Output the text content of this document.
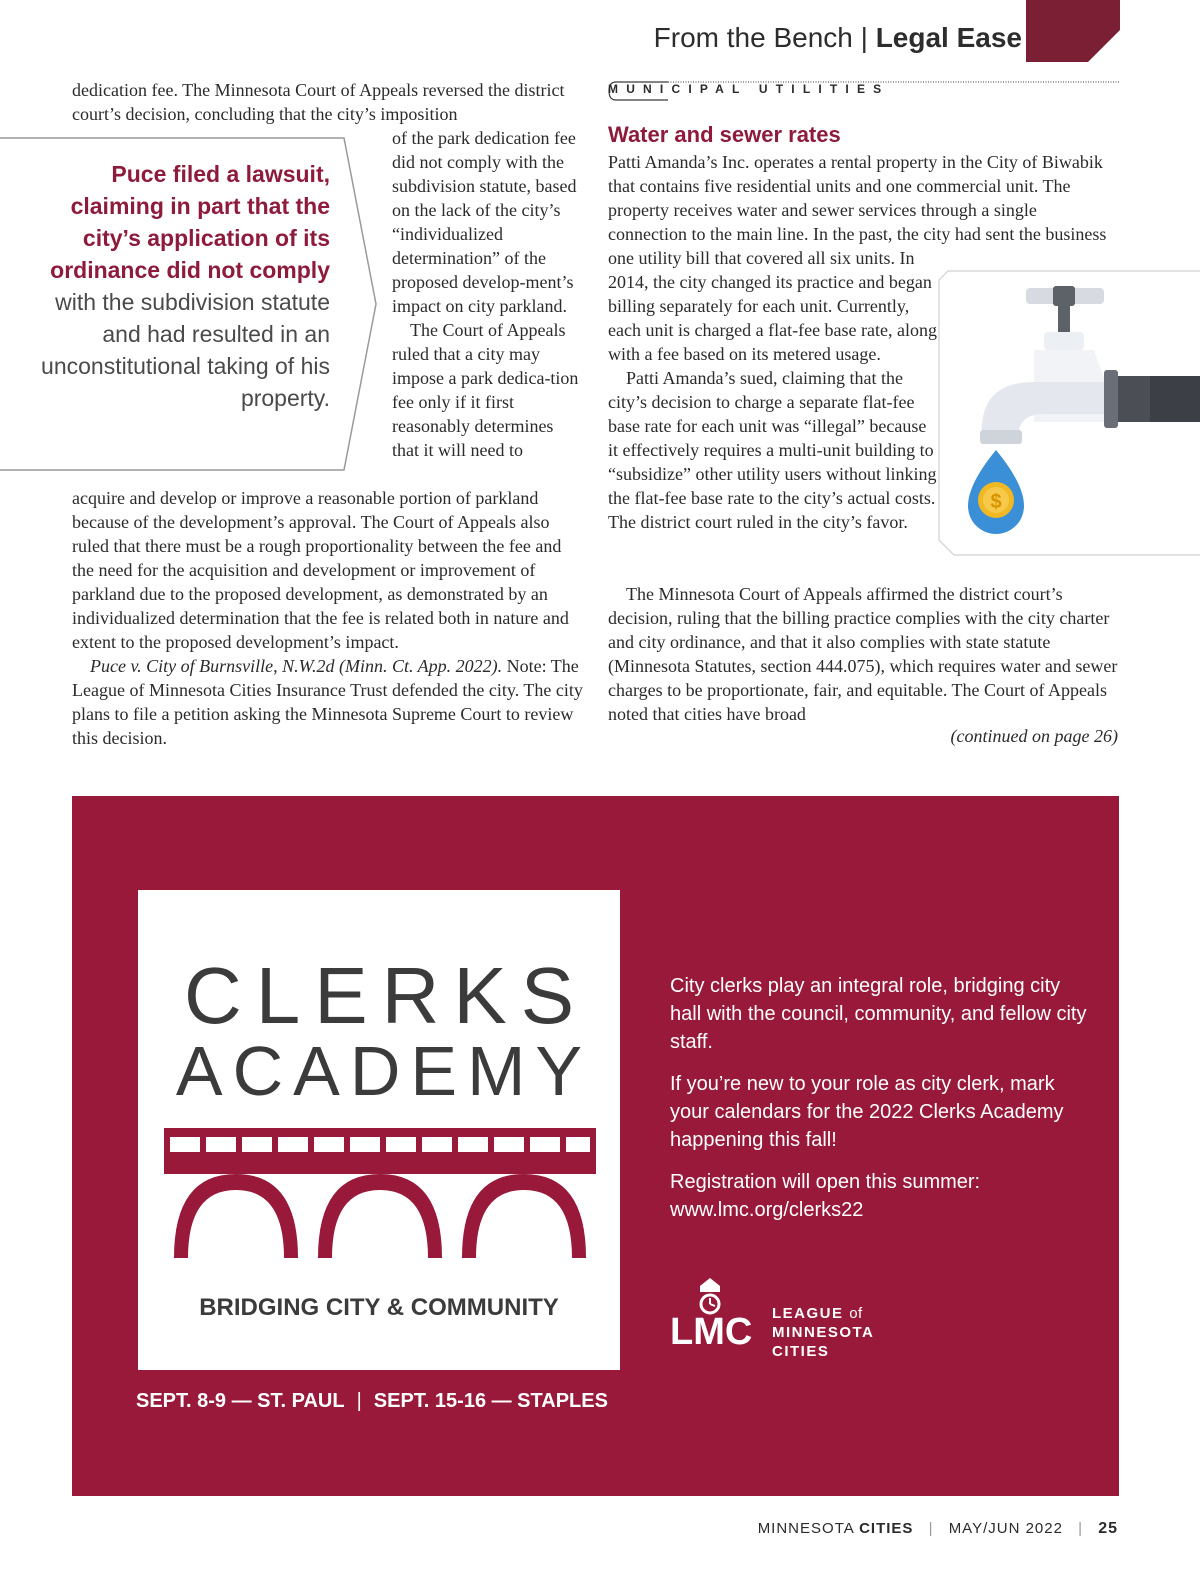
From the Bench | Legal Ease

dedication fee. The Minnesota Court of Appeals reversed the district court’s decision, concluding that the city’s imposition

Puce filed a lawsuit, claiming in part that the city’s application of its ordinance did not comply with the subdivision statute and had resulted in an unconstitutional taking of his property.

of the park dedication fee did not comply with the subdivision statute, based on the lack of the city’s “individualized determination” of the proposed develop-ment’s impact on city parkland.

The Court of Appeals ruled that a city may impose a park dedica-tion fee only if it first reasonably determines that it will need to

acquire and develop or improve a reasonable portion of parkland because of the development’s approval. The Court of Appeals also ruled that there must be a rough proportionality between the fee and the need for the acquisition and development or improvement of parkland due to the proposed development, as demonstrated by an individualized determination that the fee is related both in nature and extent to the proposed development’s impact.

Puce v. City of Burnsville, N.W.2d (Minn. Ct. App. 2022). Note: The League of Minnesota Cities Insurance Trust defended the city. The city plans to file a petition asking the Minnesota Supreme Court to review this decision.

MUNICIPAL UTILITIES
Water and sewer rates

Patti Amanda’s Inc. operates a rental property in the City of Biwabik that contains five residential units and one commercial unit. The property receives water and sewer services through a single connection to the main line. In the past, the city had sent the business one utility bill that covered all six units. In

2014, the city changed its practice and began billing separately for each unit. Currently, each unit is charged a flat-fee base rate, along with a fee based on its metered usage.

Patti Amanda’s sued, claiming that the city’s decision to charge a separate flat-fee base rate for each unit was “illegal” because it effectively requires a multi-unit building to “subsidize” other utility users without linking the flat-fee base rate to the city’s actual costs. The district court ruled in the city’s favor.

The Minnesota Court of Appeals affirmed the district court’s decision, ruling that the billing practice complies with the city charter and city ordinance, and that it also complies with state statute (Minnesota Statutes, section 444.075), which requires water and sewer charges to be proportionate, fair, and equitable. The Court of Appeals noted that cities have broad

(continued on page 26)
$
CLERKS
ACADEMY
BRIDGING CITY & COMMUNITY
SEPT. 8-9 — ST. PAUL | SEPT. 15-16 — STAPLES

City clerks play an integral role, bridging city hall with the council, community, and fellow city staff.

If you’re new to your role as city clerk, mark your calendars for the 2022 Clerks Academy happening this fall!

Registration will open this summer:
www.lmc.org/clerks22

LMC LEAGUE of
MINNESOTA
CITIES
MINNESOTA CITIES | MAY/JUN 2022 | 25
